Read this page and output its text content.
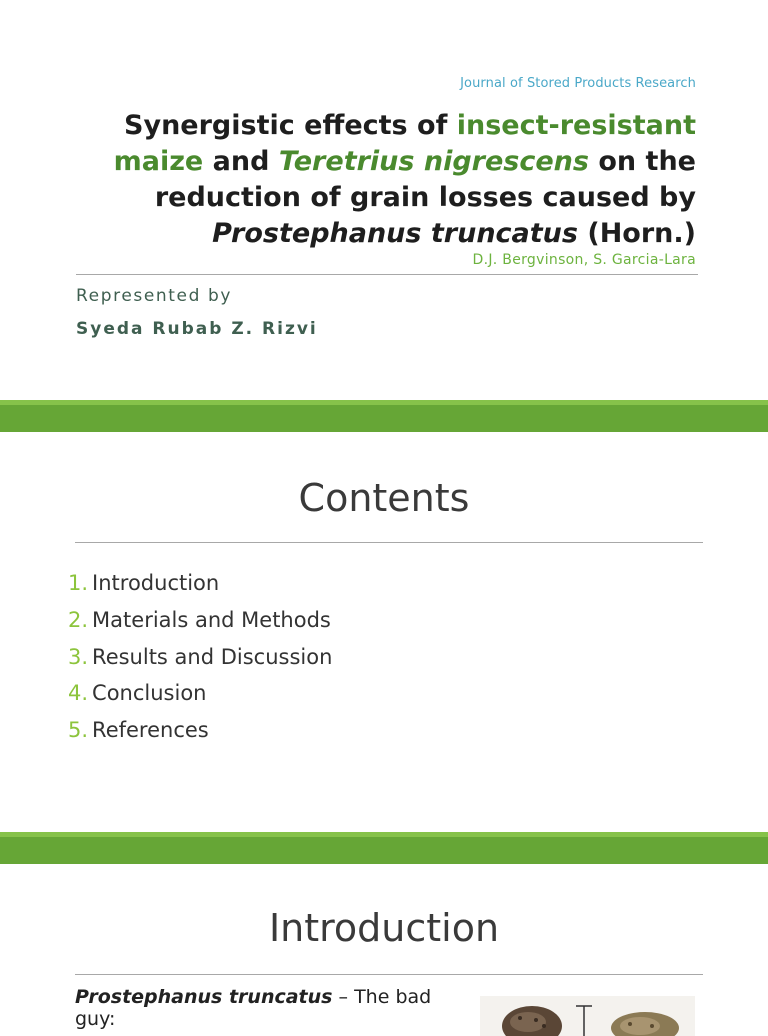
Journal of Stored Products Research
Synergistic effects of insect-resistant maize and Teretrius nigrescens on the reduction of grain losses caused by Prostephanus truncatus (Horn.)
D.J. Bergvinson, S. Garcia-Lara
Represented by
Syeda Rubab Z. Rizvi
Contents
1. Introduction
2. Materials and Methods
3. Results and Discussion
4. Conclusion
5. References
Introduction
Prostephanus truncatus – The bad guy:
